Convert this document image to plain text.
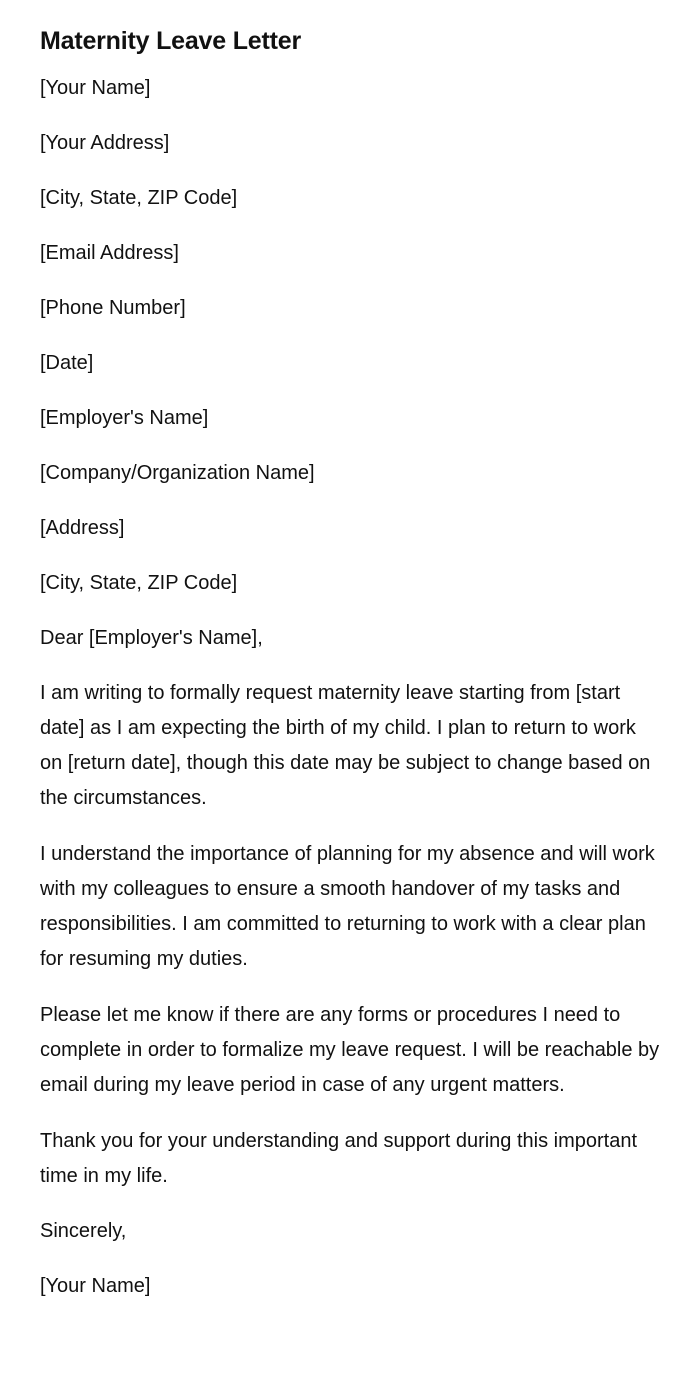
Maternity Leave Letter

[Your Name]

[Your Address]

[City, State, ZIP Code]

[Email Address]

[Phone Number]

[Date]

[Employer's Name]

[Company/Organization Name]

[Address]

[City, State, ZIP Code]

Dear [Employer's Name],

I am writing to formally request maternity leave starting from [start date] as I am expecting the birth of my child. I plan to return to work on [return date], though this date may be subject to change based on the circumstances.

I understand the importance of planning for my absence and will work with my colleagues to ensure a smooth handover of my tasks and responsibilities. I am committed to returning to work with a clear plan for resuming my duties.

Please let me know if there are any forms or procedures I need to complete in order to formalize my leave request. I will be reachable by email during my leave period in case of any urgent matters.

Thank you for your understanding and support during this important time in my life.

Sincerely,

[Your Name]
